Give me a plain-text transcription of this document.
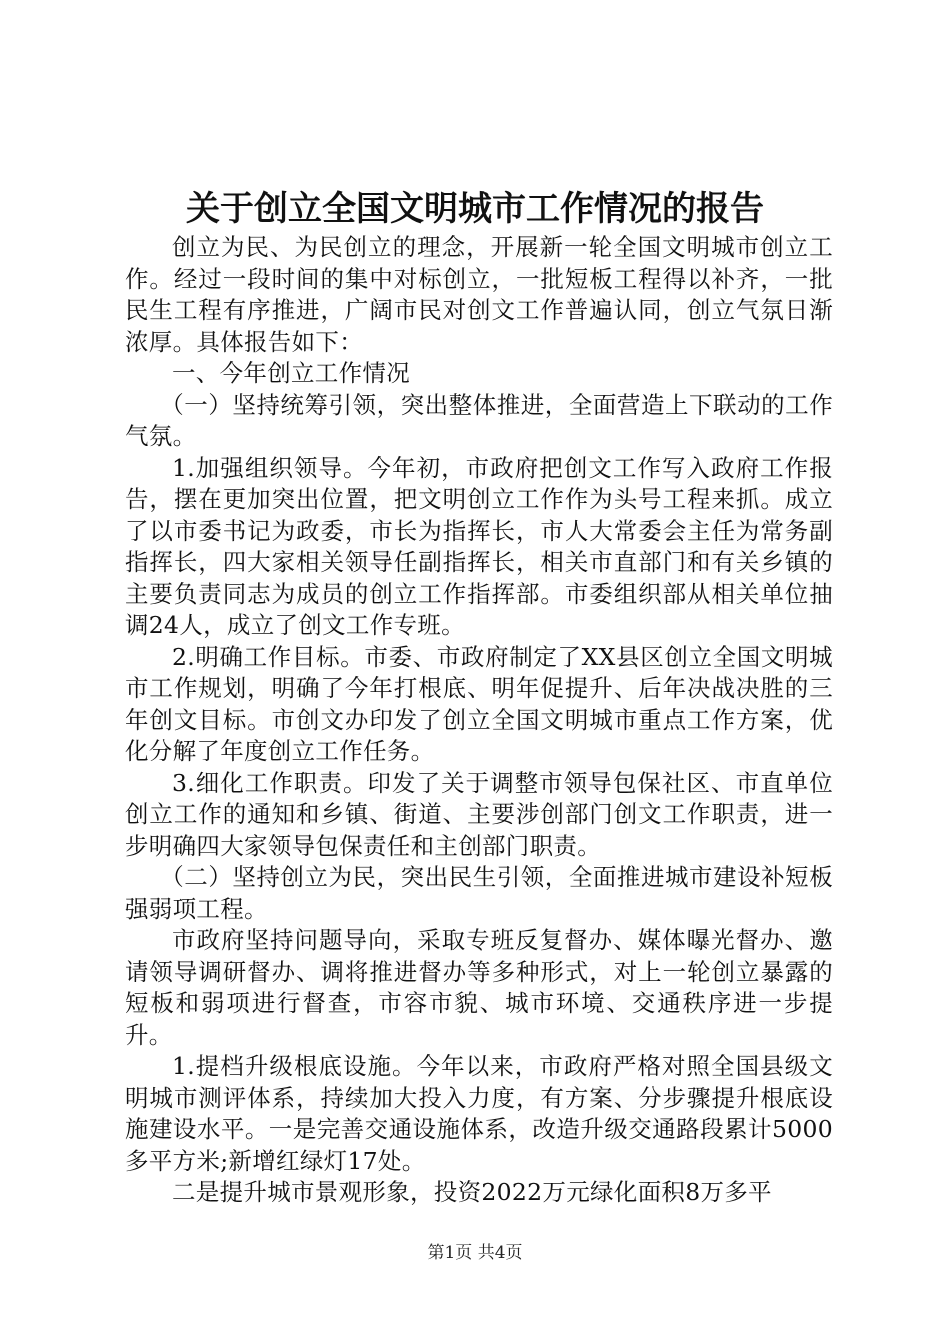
关于创立全国文明城市工作情况的报告

创立为民、为民创立的理念，开展新一轮全国文明城市创立工作。经过一段时间的集中对标创立，一批短板工程得以补齐，一批民生工程有序推进，广阔市民对创文工作普遍认同，创立气氛日渐浓厚。具体报告如下：

一、今年创立工作情况

（一）坚持统筹引领，突出整体推进，全面营造上下联动的工作气氛。

1.加强组织领导。今年初，市政府把创文工作写入政府工作报告，摆在更加突出位置，把文明创立工作作为头号工程来抓。成立了以市委书记为政委，市长为指挥长，市人大常委会主任为常务副指挥长，四大家相关领导任副指挥长，相关市直部门和有关乡镇的主要负责同志为成员的创立工作指挥部。市委组织部从相关单位抽调24人，成立了创文工作专班。

2.明确工作目标。市委、市政府制定了XX县区创立全国文明城市工作规划，明确了今年打根底、明年促提升、后年决战决胜的三年创文目标。市创文办印发了创立全国文明城市重点工作方案，优化分解了年度创立工作任务。

3.细化工作职责。印发了关于调整市领导包保社区、市直单位创立工作的通知和乡镇、街道、主要涉创部门创文工作职责，进一步明确四大家领导包保责任和主创部门职责。

（二）坚持创立为民，突出民生引领，全面推进城市建设补短板强弱项工程。

市政府坚持问题导向，采取专班反复督办、媒体曝光督办、邀请领导调研督办、调将推进督办等多种形式，对上一轮创立暴露的短板和弱项进行督查，市容市貌、城市环境、交通秩序进一步提升。

1.提档升级根底设施。今年以来，市政府严格对照全国县级文明城市测评体系，持续加大投入力度，有方案、分步骤提升根底设施建设水平。一是完善交通设施体系，改造升级交通路段累计5000多平方米;新增红绿灯17处。

二是提升城市景观形象，投资2022万元绿化面积8万多平

第1页 共4页
